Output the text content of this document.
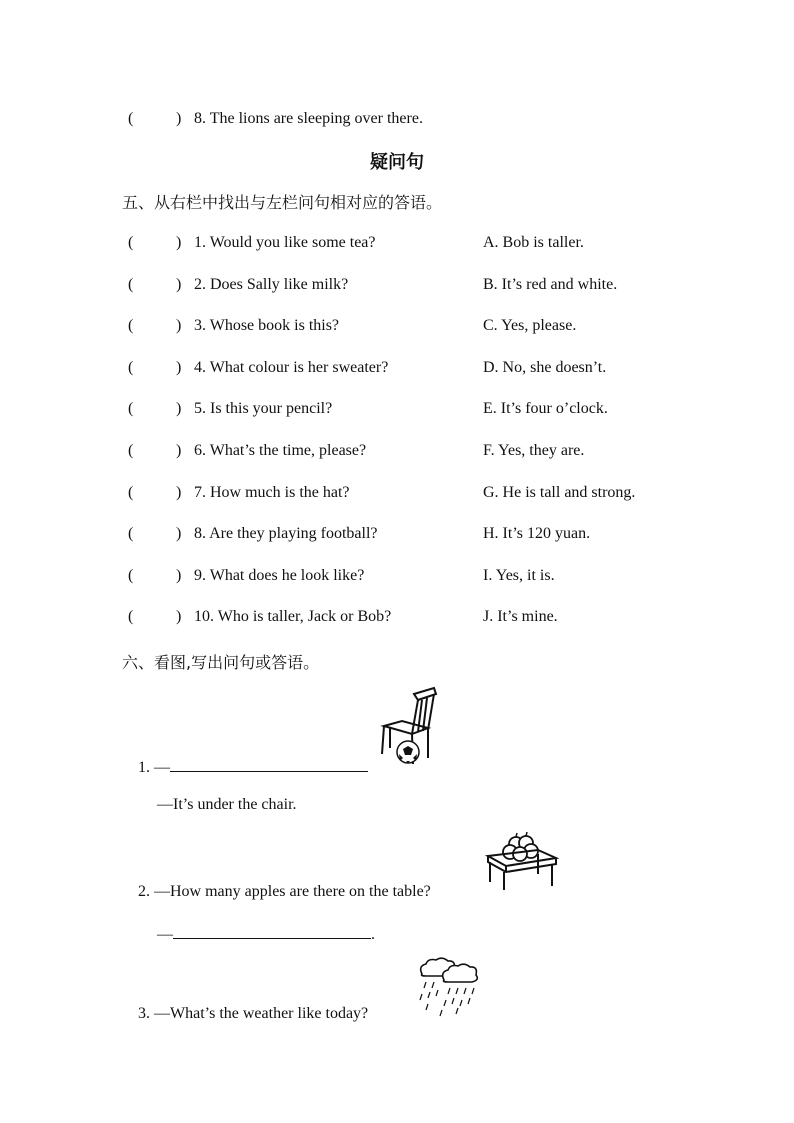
(	) 8. The lions are sleeping over there.
疑问句
五、从右栏中找出与左栏问句相对应的答语。
(	) 1. Would you like some tea?	A. Bob is taller.
(	) 2. Does Sally like milk?	B. It’s red and white.
(	) 3. Whose book is this?	C. Yes, please.
(	) 4. What colour is her sweater?	D. No, she doesn’t.
(	) 5. Is this your pencil?	E. It’s four o’clock.
(	) 6. What’s the time, please?	F. Yes, they are.
(	) 7. How much is the hat?	G. He is tall and strong.
(	) 8. Are they playing football?	H. It’s 120 yuan.
(	) 9. What does he look like?	I. Yes, it is.
(	) 10. Who is taller, Jack or Bob?	J. It’s mine.
六、看图,写出问句或答语。
1. —
—It’s under the chair.
2. —How many apples are there on the table?
—	.
3. —What’s the weather like today?
